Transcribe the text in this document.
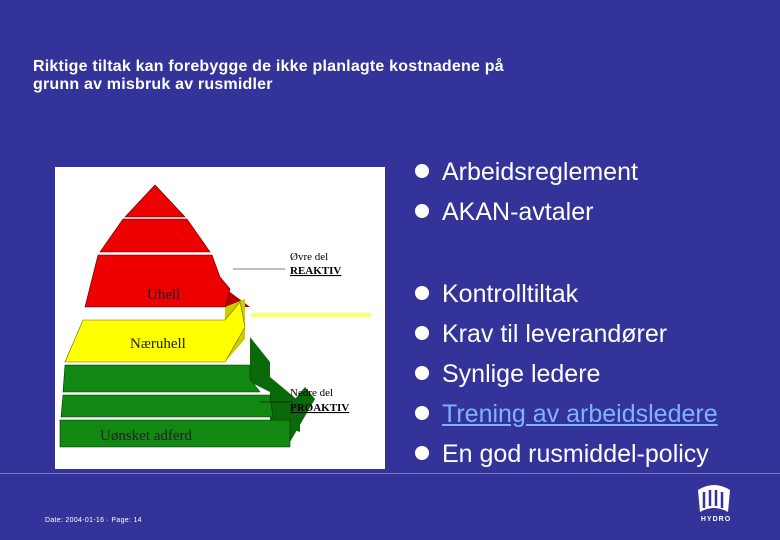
Riktige tiltak kan forebygge de ikke planlagte kostnadene på
grunn av misbruk av rusmidler
Uhell
Næruhell
Uønsket adferd
Øvre del
REAKTIV
Nedre del
PROAKTIV
Arbeidsreglement
AKAN-avtaler
Kontrolltiltak
Krav til leverandører
Synlige ledere
Trening av arbeidsledere
En god rusmiddel-policy
Date: 2004-01-16 · Page: 14	HYDRO
